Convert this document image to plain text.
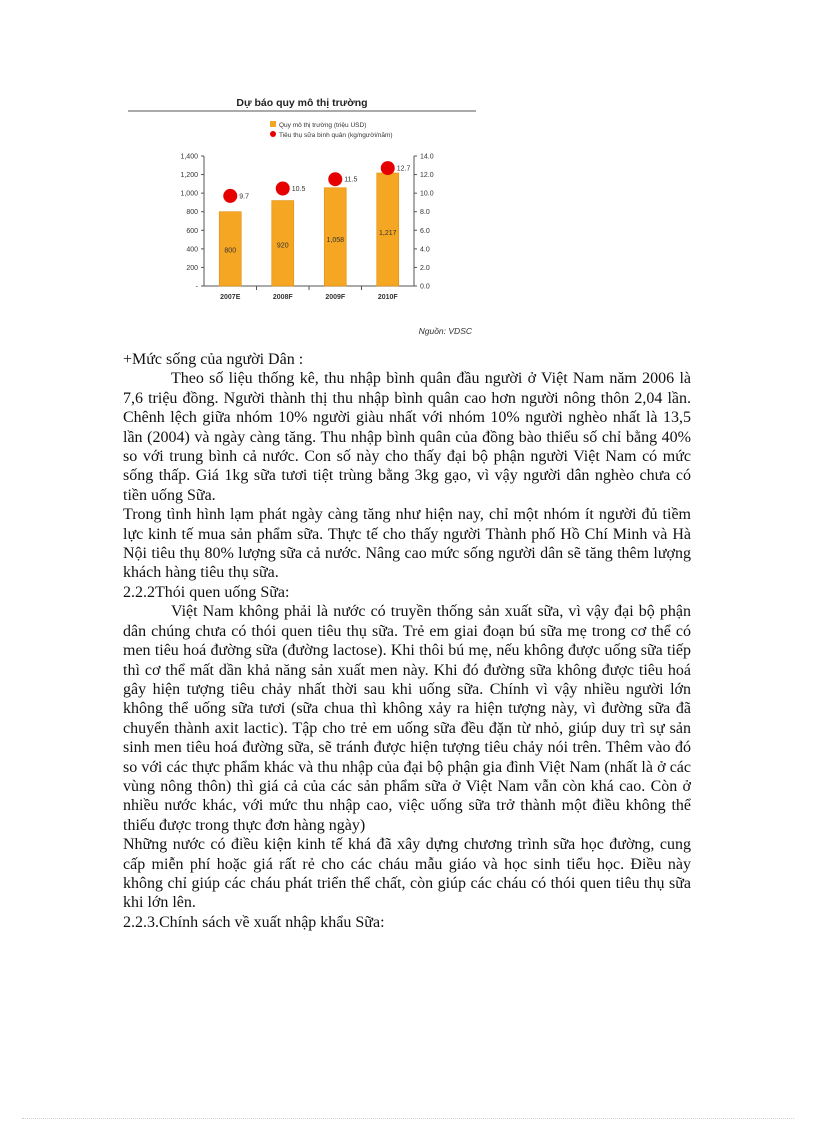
Dự báo quy mô thị trường
Quy mô thị trường (triệu USD)
Tiêu thụ sữa bình quân (kg/người/năm)
-
200
400
600
800
1,000
1,200
1,400
0.0
2.0
4.0
6.0
8.0
10.0
12.0
14.0
800
9.7
2007E
920
10.5
2008F
1,058
11.5
2009F
1,217
12.7
2010F
Nguồn: VDSC

+Mức sống của người Dân :

Theo số liệu thống kê, thu nhập bình quân đầu người ở Việt Nam năm 2006 là 7,6 triệu đồng. Người thành thị thu nhập bình quân cao hơn người nông thôn 2,04 lần. Chênh lệch giữa nhóm 10% người giàu nhất với nhóm 10% người nghèo nhất là 13,5 lần (2004) và ngày càng tăng. Thu nhập bình quân của đồng bào thiểu số chỉ bằng 40% so với trung bình cả nước. Con số này cho thấy đại bộ phận người Việt Nam có mức sống thấp. Giá 1kg sữa tươi tiệt trùng bằng 3kg gạo, vì vậy người dân nghèo chưa có tiền uống Sữa.

Trong tình hình lạm phát ngày càng tăng như hiện nay, chỉ một nhóm ít người đủ tiềm lực kinh tế mua sản phẩm sữa. Thực tế cho thấy người Thành phố Hồ Chí Minh và Hà Nội tiêu thụ 80% lượng sữa cả nước. Nâng cao mức sống người dân sẽ tăng thêm lượng khách hàng tiêu thụ sữa.

2.2.2Thói quen uống Sữa:

Việt Nam không phải là nước có truyền thống sản xuất sữa, vì vậy đại bộ phận dân chúng chưa có thói quen tiêu thụ sữa. Trẻ em giai đoạn bú sữa mẹ trong cơ thể có men tiêu hoá đường sữa (đường lactose). Khi thôi bú mẹ, nếu không được uống sữa tiếp thì cơ thể mất dần khả năng sản xuất men này. Khi đó đường sữa không được tiêu hoá gây hiện tượng tiêu chảy nhất thời sau khi uống sữa. Chính vì vậy nhiều người lớn không thể uống sữa tươi (sữa chua thì không xảy ra hiện tượng này, vì đường sữa đã chuyển thành axit lactic). Tập cho trẻ em uống sữa đều đặn từ nhỏ, giúp duy trì sự sản sinh men tiêu hoá đường sữa, sẽ tránh được hiện tượng tiêu chảy nói trên. Thêm vào đó so với các thực phẩm khác và thu nhập của đại bộ phận gia đình Việt Nam (nhất là ở các vùng nông thôn) thì giá cả của các sản phẩm sữa ở Việt Nam vẫn còn khá cao. Còn ở nhiều nước khác, với mức thu nhập cao, việc uống sữa trở thành một điều không thể thiếu được trong thực đơn hàng ngày)

Những nước có điều kiện kinh tế khá đã xây dựng chương trình sữa học đường, cung cấp miễn phí hoặc giá rất rẻ cho các cháu mẫu giáo và học sinh tiểu học. Điều này không chỉ giúp các cháu phát triển thể chất, còn giúp các cháu có thói quen tiêu thụ sữa khi lớn lên.

2.2.3.Chính sách về xuất nhập khẩu Sữa:
